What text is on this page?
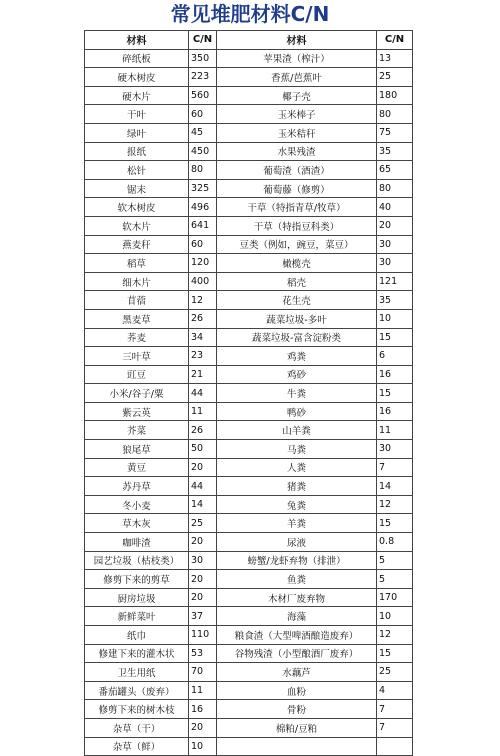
常见堆肥材料C/N
材料	C/N	材料	C/N
碎纸板	350	苹果渣（榨汁）	13
硬木树皮	223	香蕉/芭蕉叶	25
硬木片	560	椰子壳	180
干叶	60	玉米棒子	80
绿叶	45	玉米秸秆	75
报纸	450	水果残渣	35
松针	80	葡萄渣（酒渣）	65
锯末	325	葡萄藤（修剪）	80
软木树皮	496	干草（特指青草/牧草）	40
软木片	641	干草（特指豆科类）	20
燕麦秆	60	豆类（例如，豌豆，菜豆）	30
稻草	120	橄榄壳	30
细木片	400	稻壳	121
苜蓿	12	花生壳	35
黑麦草	26	蔬菜垃圾-多叶	10
荞麦	34	蔬菜垃圾-富含淀粉类	15
三叶草	23	鸡粪	6
豇豆	21	鸡砂	16
小米/谷子/粟	44	牛粪	15
紫云英	11	鸭砂	16
芥菜	26	山羊粪	11
狼尾草	50	马粪	30
黄豆	20	人粪	7
苏丹草	44	猪粪	14
冬小麦	14	兔粪	12
草木灰	25	羊粪	15
咖啡渣	20	尿液	0.8
园艺垃圾（枯枝类）	30	螃蟹/龙虾弃物（排泄）	5
修剪下来的剪草	20	鱼粪	5
厨房垃圾	20	木材厂废弃物	170
新鲜菜叶	37	海藻	10
纸巾	110	粮食渣（大型啤酒酿造废弃）	12
修建下来的灌木状	53	谷物残渣（小型酿酒厂废弃）	15
卫生用纸	70	水藕芦	25
番茄罐头（废弃）	11	血粉	4
修剪下来的树木枝	16	骨粉	7
杂草（干）	20	棉粕/豆粕	7
杂草（鲜）	10		
